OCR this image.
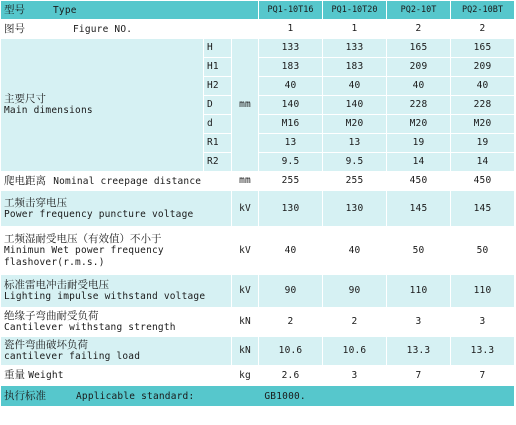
型号 Type			PQ1-10T16	PQ1-10T20	PQ2-10T	PQ2-10BT
图号 Figure NO.			1	1	2	2

主要尺寸
Main dimensions	H	mm	133	133	165	165
	H1		183	183	209	209
	H2		40	40	40	40
	D		140	140	228	228
	d		M16	M20	M20	M20
	R1		13	13	19	19
	R2		9.5	9.5	14	14
爬电距离 Nominal creepage distance		mm	255	255	450	450

工频击穿电压
Power frequency puncture voltage		kV	130	130	145	145

工频湿耐受电压（有效值）不小于
Minimun Wet power frequency
flashover(r.m.s.)		kV	40	40	50	50

标准雷电冲击耐受电压
Lighting impulse withstand voltage		kV	90	90	110	110

绝缘子弯曲耐受负荷
Cantilever withstang strength		kN	2	2	3	3

瓷件弯曲破坏负荷
cantilever failing load		kN	10.6	10.6	13.3	13.3
重量 Weight		kg	2.6	3	7	7
执行标准 Applicable standard: GB1000.						
